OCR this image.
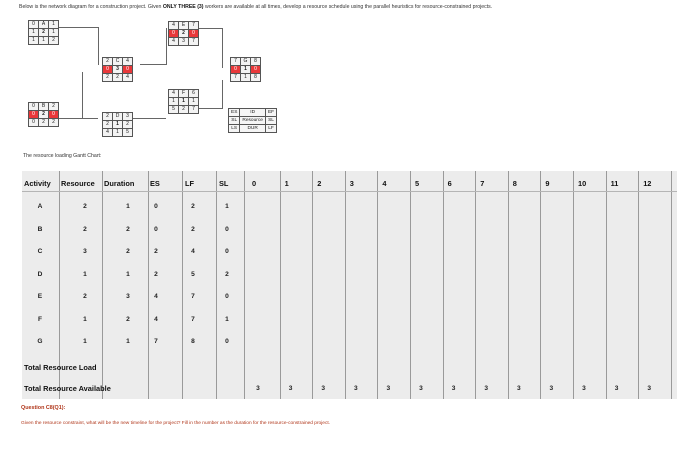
Below is the network diagram for a construction project. Given ONLY THREE (3) workers are available at all times, develop a resource schedule using the parallel heuristics for resource-constrained projects.
0	A	1
1	2	1
1	1	2
0	B	2
0	2	0
0	2	2
2	C	4
0	3	0
2	2	4
2	D	3
2	1	2
4	1	5
4	E	7
0	2	0
4	3	7
4	F	6
1	1	1
5	2	7
7	G	8
0	1	0
7	1	8
ES	ID	EF
SL	Resource	SL
LS	DUR	LF
The resource loading Gantt Chart:
Activity Resource Duration ES	LF	SL	0	1	2	3	4	5	6	7	8	9	10	11	12
A	2	1	0	2	1
B	2	2	0	2	0
C	3	2	2	4	0
D	1	1	2	5	2
E	2	3	4	7	0
F	1	2	4	7	1
G	1	1	7	8	0
Total Resource Load
Total Resource Available	3	3	3	3	3	3	3	3	3	3	3	3	3
Question C8(Q1):
Given the resource constraint, what will be the new timeline for the project? Fill in the number as the duration for the resource-constrained project.
